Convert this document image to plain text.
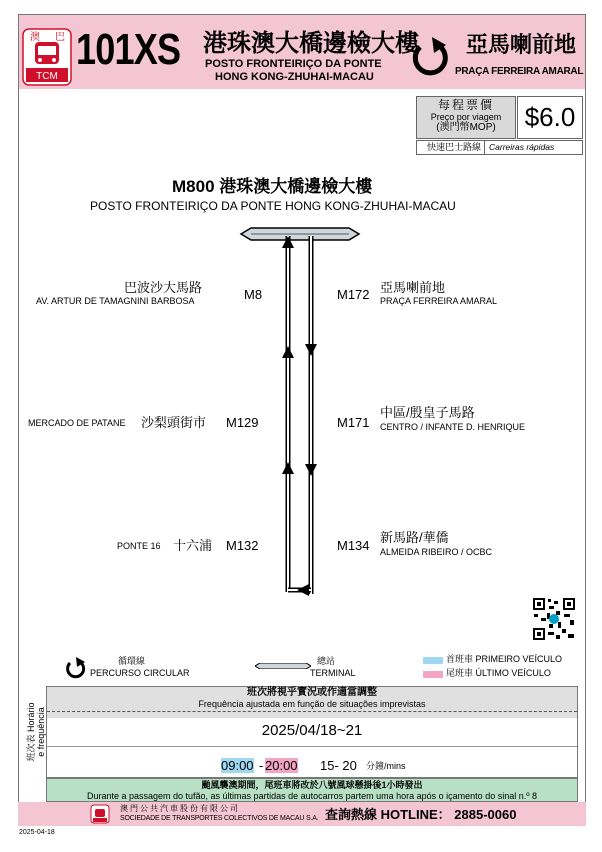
澳 巴
TCM
101XS 港珠澳大橋邊檢大樓
POSTO FRONTEIRIÇO DA PONTE
HONG KONG-ZHUHAI-MACAU
亞馬喇前地
PRAÇA FERREIRA AMARAL
每程票價
Preço por viagem
(澳門幣MOP)	$6.0
快速巴士路線 Carreiras rápidas
M800 港珠澳大橋邊檢大樓
POSTO FRONTEIRIÇO DA PONTE HONG KONG-ZHUHAI-MACAU
巴波沙大馬路
AV. ARTUR DE TAMAGNINI BARBOSA	M8
MERCADO DE PATANE 沙梨頭街市 M129
PONTE 16 十六浦 M132
M172 亞馬喇前地
PRAÇA FERREIRA AMARAL
M171
中區/殷皇子馬路
CENTRO / INFANTE D. HENRIQUE
M134
新馬路/華僑
ALMEIDA RIBEIRO / OCBC
循環線
PERCURSO CIRCULAR
總站
TERMINAL
首班車 PRIMEIRO VEÍCULO
尾班車 ÚLTIMO VEÍCULO
班次表 Horário e frequência
班次將視乎實況或作適當調整
Frequência ajustada em função de situações imprevistas
2025/04/18~21
09:00 - 20:00 15- 20 分鐘/mins
颱風襲澳期間，尾班車將改於八號風球懸掛後1小時發出
Durante a passagem do tufão, as últimas partidas de autocarros partem uma hora após o içamento do sinal n.º 8
澳門公共汽車股份有限公司
SOCIEDADE DE TRANSPORTES COLECTIVOS DE MACAU S.A. 查詢熱線 HOTLINE： 2885-0060
2025-04-18
